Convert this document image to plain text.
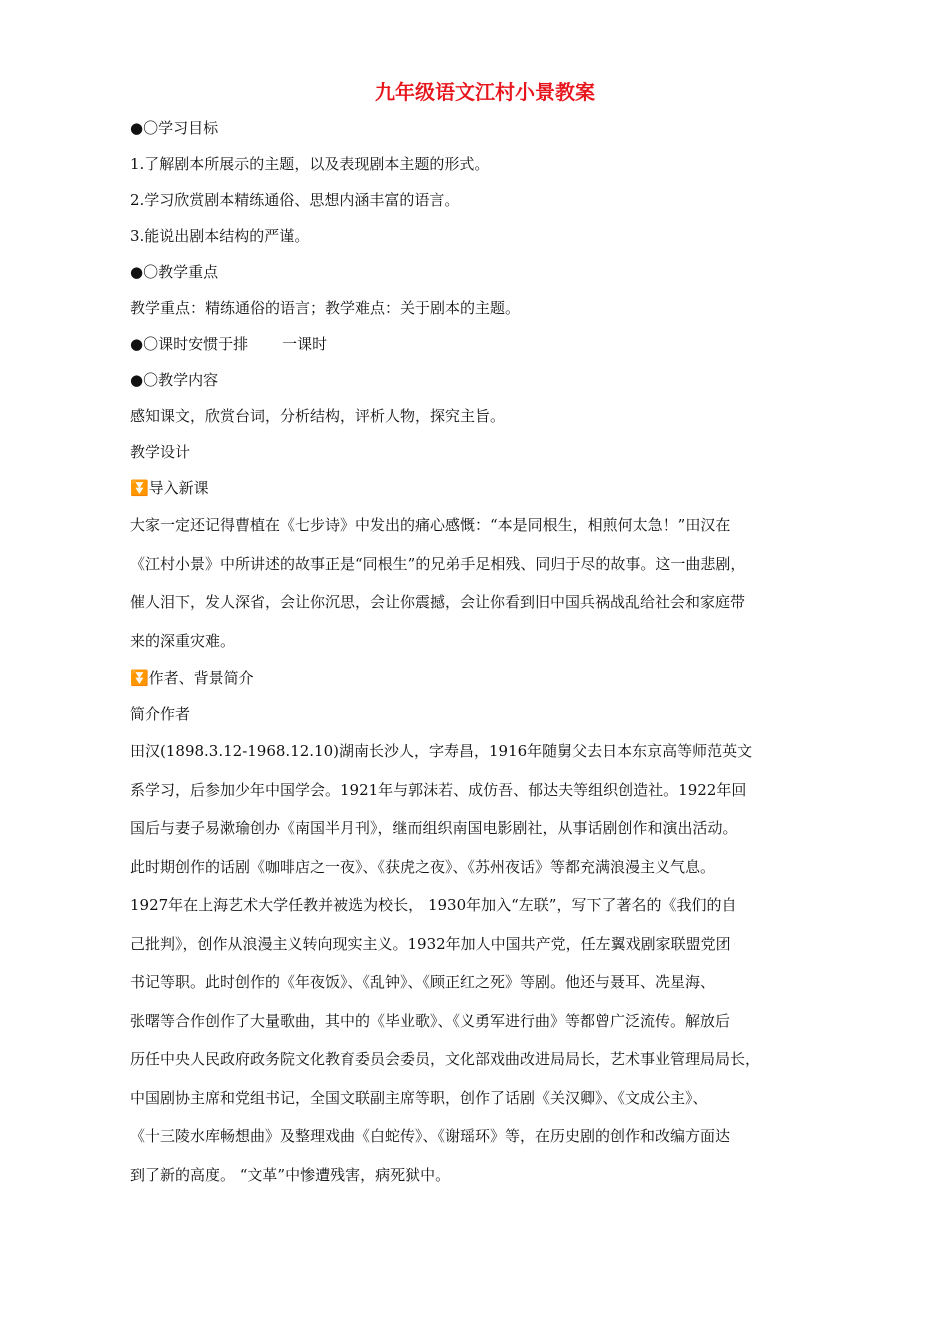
九年级语文江村小景教案

●〇学习目标

1.了解剧本所展示的主题，以及表现剧本主题的形式。

2.学习欣赏剧本精练通俗、思想内涵丰富的语言。

3.能说出剧本结构的严谨。

●〇教学重点

教学重点：精练通俗的语言；教学难点：关于剧本的主题。

●〇课时安惯于排 一课时

●〇教学内容

感知课文，欣赏台词，分析结构，评析人物，探究主旨。

教学设计

⏬导入新课

大家一定还记得曹植在《七步诗》中发出的痛心感慨：“本是同根生，相煎何太急！”田汉在
《江村小景》中所讲述的故事正是“同根生”的兄弟手足相残、同归于尽的故事。这一曲悲剧，
催人泪下，发人深省，会让你沉思，会让你震撼，会让你看到旧中国兵祸战乱给社会和家庭带
来的深重灾难。

⏬作者、背景简介

简介作者

田汉(1898.3.12-1968.12.10)湖南长沙人，字寿昌，1916年随舅父去日本东京高等师范英文
系学习，后参加少年中国学会。1921年与郭沫若、成仿吾、郁达夫等组织创造社。1922年回
国后与妻子易漱瑜创办《南国半月刊》，继而组织南国电影剧社，从事话剧创作和演出活动。
此时期创作的话剧《咖啡店之一夜》、《获虎之夜》、《苏州夜话》等都充满浪漫主义气息。
1927年在上海艺术大学任教并被选为校长， 1930年加入“左联”，写下了著名的《我们的自
己批判》，创作从浪漫主义转向现实主义。1932年加人中国共产党，任左翼戏剧家联盟党团
书记等职。此时创作的《年夜饭》、《乱钟》、《顾正红之死》等剧。他还与聂耳、冼星海、
张曙等合作创作了大量歌曲，其中的《毕业歌》、《义勇军进行曲》等都曾广泛流传。解放后
历任中央人民政府政务院文化教育委员会委员，文化部戏曲改进局局长，艺术事业管理局局长，
中国剧协主席和党组书记，全国文联副主席等职，创作了话剧《关汉卿》、《文成公主》、
《十三陵水库畅想曲》及整理戏曲《白蛇传》、《谢瑶环》等，在历史剧的创作和改编方面达
到了新的高度。 “文革”中惨遭残害，病死狱中。
